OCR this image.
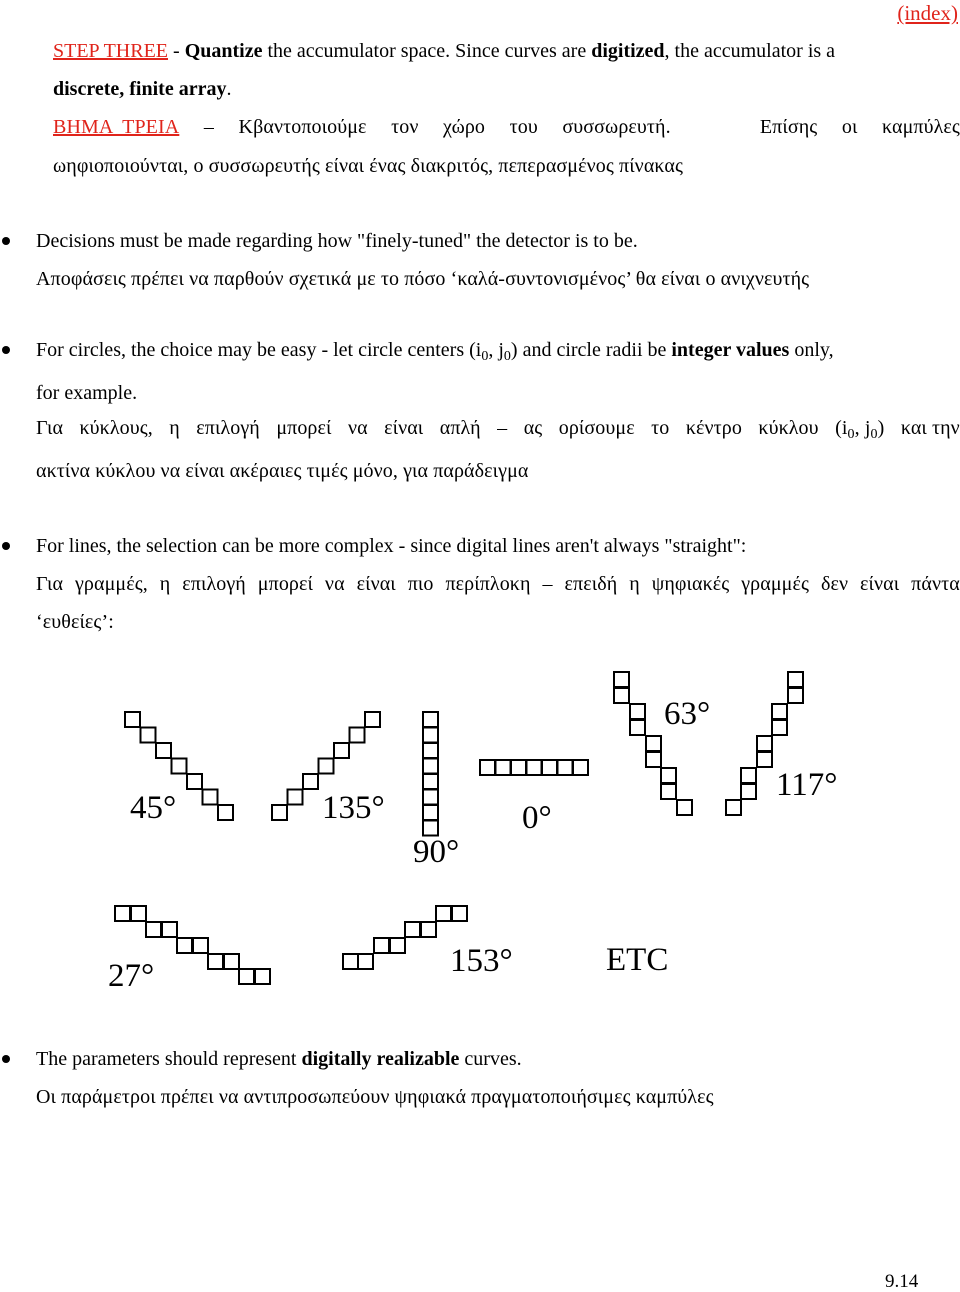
(index)
STEP THREE - Quantize the accumulator space. Since curves are digitized, the accumulator is a
discrete, finite array.
ΒΗΜΑ  ΤΡΕΙΑ – Κβαντοποιούμε τον χώρο του συσσωρευτή.	Επίσης οι καμπύλες
ωηφιοποιούνται, ο συσσωρευτής είναι ένας διακριτός, πεπερασμένος πίνακας
Decisions must be made regarding how "finely-tuned" the detector is to be.
Αποφάσεις πρέπει να παρθούν σχετικά με το πόσο ‘καλά-συντονισμένος’ θα είναι ο ανιχνευτής
For circles, the choice may be easy - let circle centers ($i_0$, $j_0$) and circle radii be integer values only,
for example.
Για κύκλους, η επιλογή μπορεί να είναι απλή – ας ορίσουμε το κέντρο κύκλου ($i_0$, $j_0$) και την
ακτίνα κύκλου να είναι ακέραιες τιμές μόνο, για παράδειγμα
For lines, the selection can be more complex - since digital lines aren't always "straight":
Για γραμμές, η επιλογή μπορεί να είναι πιο περίπλοκη – επειδή η ψηφιακές γραμμές δεν είναι πάντα
‘ευθείες’:
45°	135°
90°
0°
63°
117°
27°	153°	ETC
The parameters should represent digitally realizable curves.
Οι παράμετροι πρέπει να αντιπροσωπεύουν ψηφιακά πραγματοποιήσιμες καμπύλες
9.14
